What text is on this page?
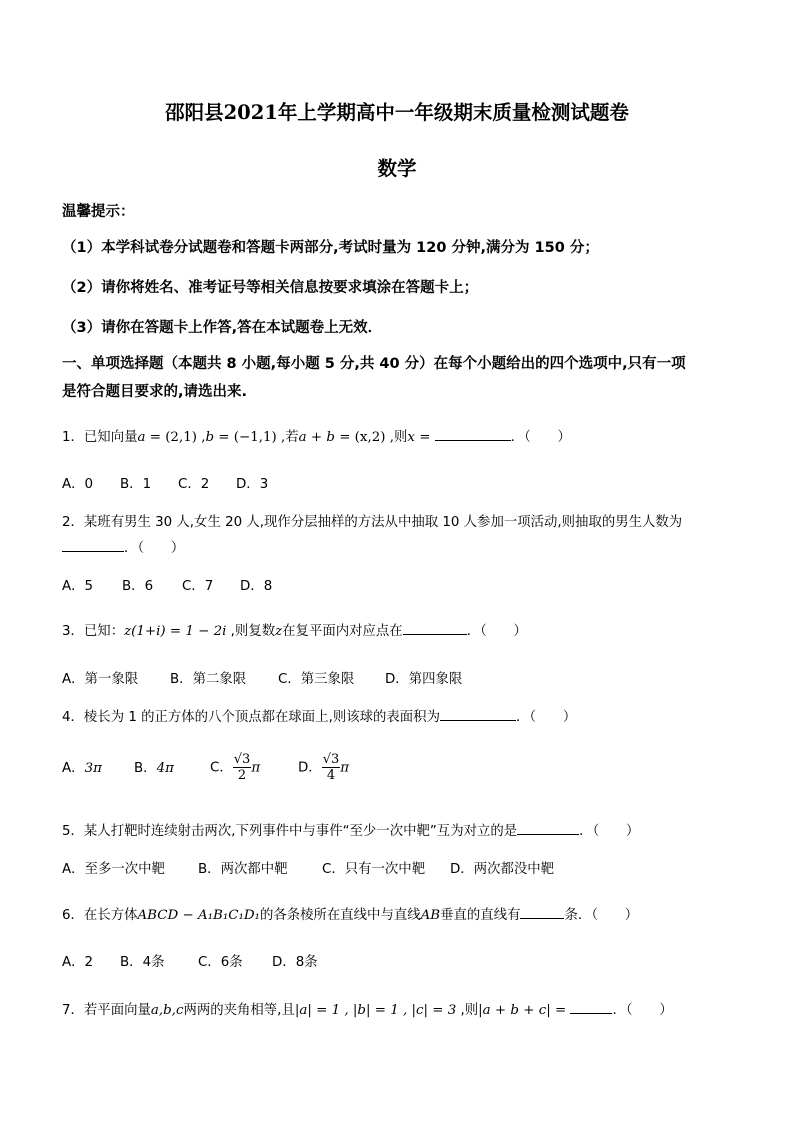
邵阳县2021年上学期高中一年级期末质量检测试题卷
数学
温馨提示：
（1）本学科试卷分试题卷和答题卡两部分,考试时量为 120 分钟,满分为 150 分；
（2）请你将姓名、准考证号等相关信息按要求填涂在答题卡上；
（3）请你在答题卡上作答,答在本试题卷上无效．
一、单项选择题（本题共 8 小题,每小题 5 分,共 40 分）在每个小题给出的四个选项中,只有一项
是符合题目要求的,请选出来.
1．已知向量a = (2,1) ,b = (−1,1) ,若a + b = (x,2) ,则x =	．（　　）
A．0 B．1 C．2 D．3
2．某班有男生 30 人,女生 20 人,现作分层抽样的方法从中抽取 10 人参加一项活动,则抽取的男生人数为
．（　　）
A．5 B．6 C．7 D．8
3．已知：z(1+i) = 1 − 2i ,则复数z在复平面内对应点在	．（　　）
A．第一象限 B．第二象限 C．第三象限 D．第四象限
4．棱长为 1 的正方体的八个顶点都在球面上,则该球的表面积为	．（　　）
A．3π B．4π	C． $\frac{√3}{2}$ π	D． $\frac{√3}{4}$ π
5．某人打靶时连续射击两次,下列事件中与事件“至少一次中靶”互为对立的是	．（　　）
A．至多一次中靶 B．两次都中靶	C．只有一次中靶 D．两次都没中靶
6．在长方体ABCD − A₁B₁C₁D₁的各条棱所在直线中与直线AB垂直的直线有	条．（　　）
A．2 B．4条	C．6条 D．8条
7．若平面向量a,b,c两两的夹角相等,且|a| = 1 , |b| = 1 , |c| = 3 ,则|a + b + c| =	．（　　）
